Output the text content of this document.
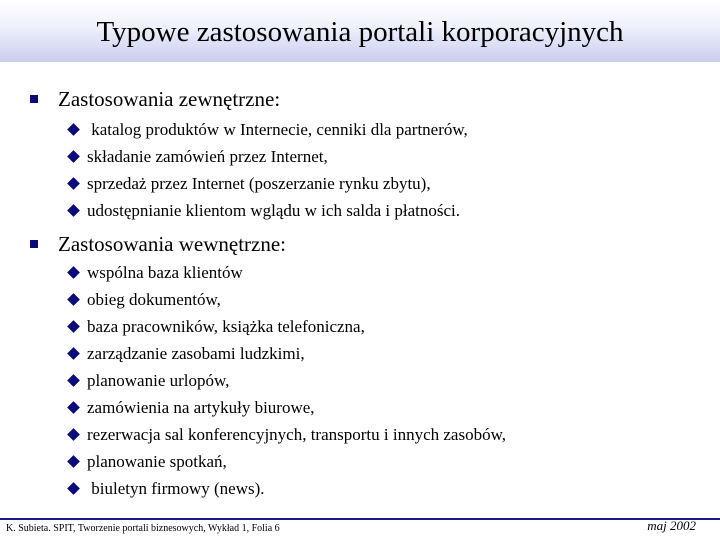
Typowe zastosowania portali korporacyjnych
Zastosowania zewnętrzne:
katalog produktów w Internecie, cenniki dla partnerów,
składanie zamówień przez Internet,
sprzedaż przez Internet (poszerzanie rynku zbytu),
udostępnianie klientom wglądu w ich salda i płatności.
Zastosowania wewnętrzne:
wspólna baza klientów
obieg dokumentów,
baza pracowników, książka telefoniczna,
zarządzanie zasobami ludzkimi,
planowanie urlopów,
zamówienia na artykuły biurowe,
rezerwacja sal konferencyjnych, transportu i innych zasobów,
planowanie spotkań,
biuletyn firmowy (news).
K. Subieta. SPIT, Tworzenie portali biznesowych, Wykład 1, Folia 6	maj 2002
